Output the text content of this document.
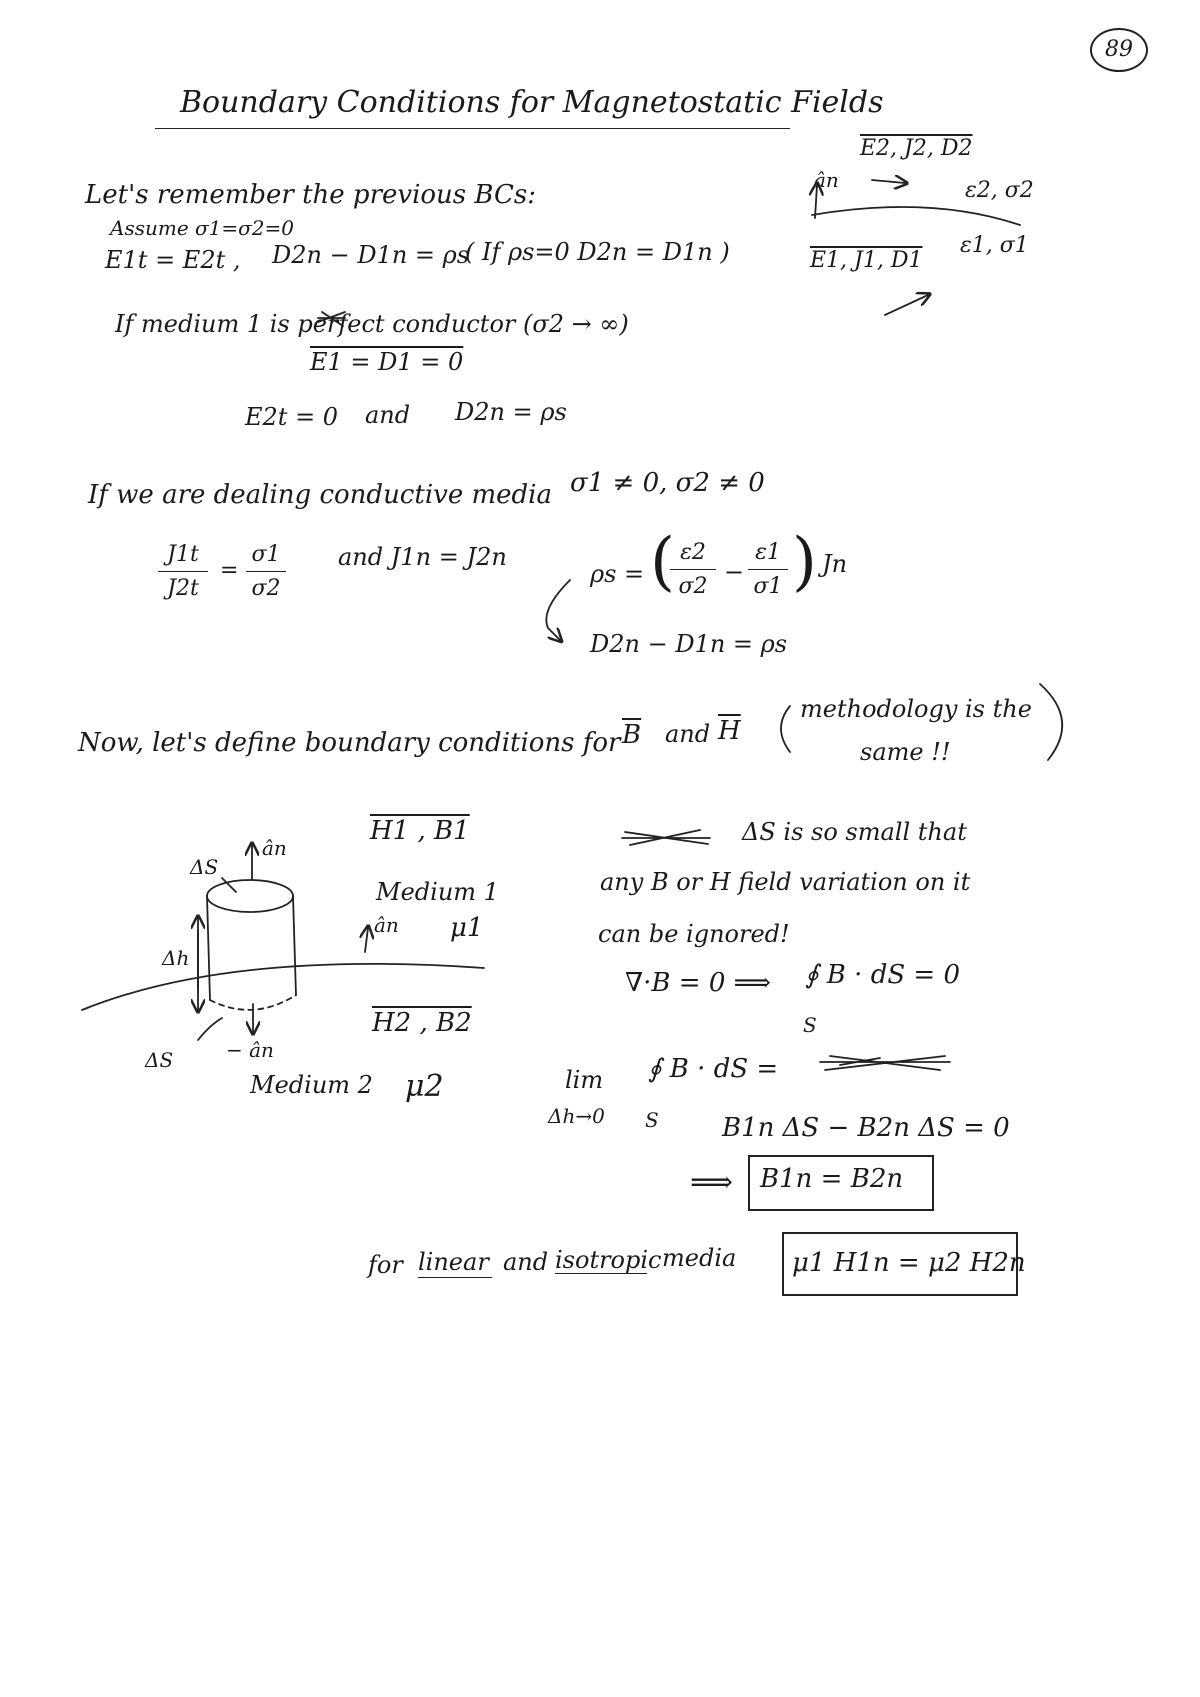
89
Boundary Conditions for Magnetostatic Fields
E2, J2, D2
ân	ε2, σ2
E1, J1, D1
ε1, σ1
Let's remember the previous BCs:
Assume σ1=σ2=0
E1t = E2t , D2n − D1n = ρs
( If ρs=0 D2n = D1n )
If medium 1 is perfect conductor (σ2 → ∞)
E1 = D1 = 0
E2t = 0 and D2n = ρs
If we are dealing conductive media σ1 ≠ 0, σ2 ≠ 0
J1t
J2t
=
σ1
σ2
and J1n = J2n
ρs = ( ε2
σ2
−
ε1
σ1 ) Jn
D2n − D1n = ρs
Now, let's define boundary conditions for $\overline{B}$ and $\overline{H}$
methodology is the
same !!
H1 , B1
ΔS
ân
Δh
Medium 1
ân μ1
H2 , B2
ΔS	− ân
Medium 2 μ2
ΔS is so small that
any B or H field variation on it
can be ignored!
∇·B = 0 ⟹ ∮ B · dS = 0
S
lim
Δh→0
∮ B · dS =
S B1n ΔS − B2n ΔS = 0
⟹ B1n = B2n
for linear and isotropic media μ1 H1n = μ2 H2n
